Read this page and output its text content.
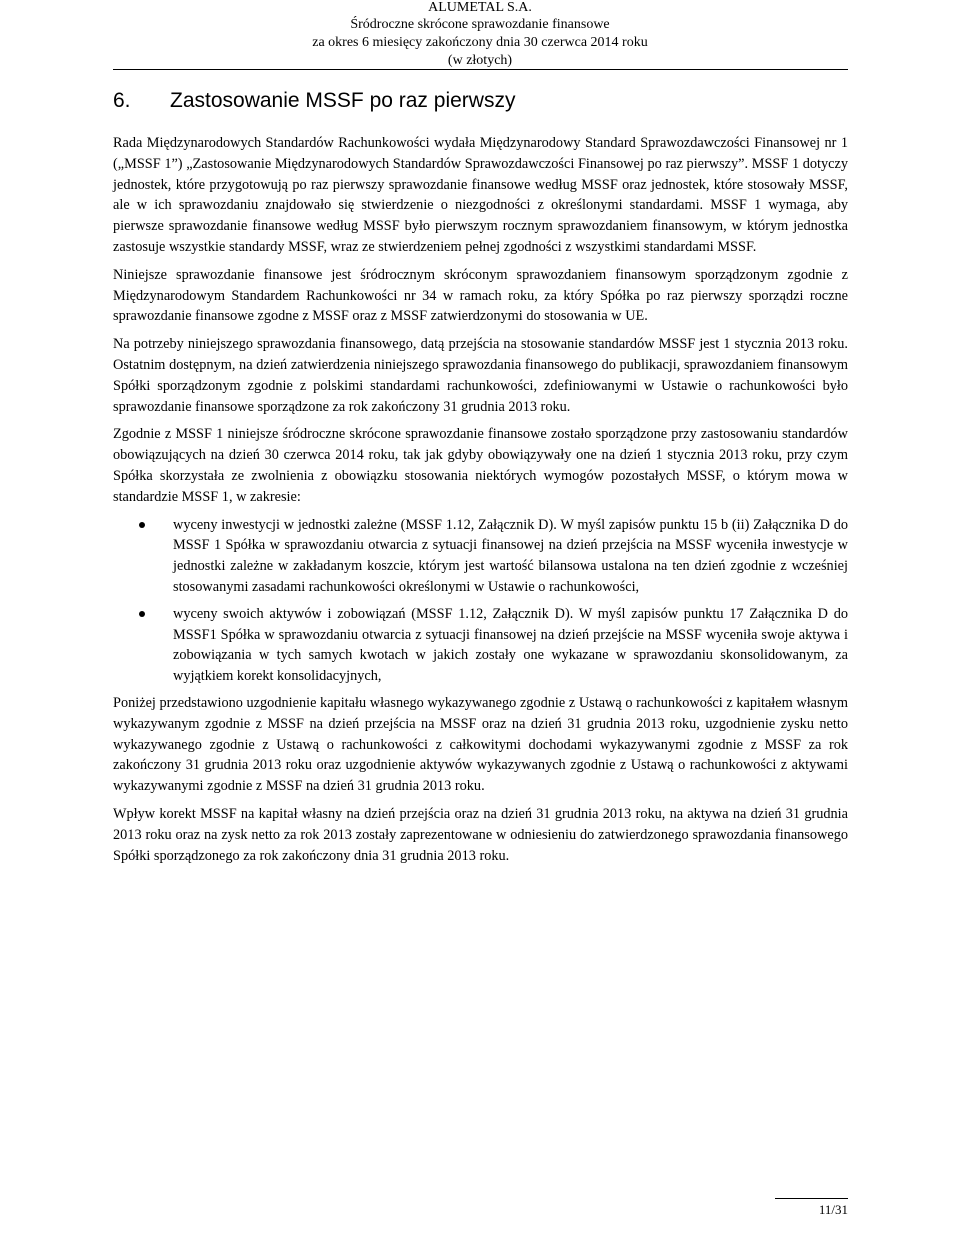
ALUMETAL S.A.
Śródroczne skrócone sprawozdanie finansowe
za okres 6 miesięcy zakończony dnia 30 czerwca 2014 roku
(w złotych)
6. Zastosowanie MSSF po raz pierwszy

Rada Międzynarodowych Standardów Rachunkowości wydała Międzynarodowy Standard Sprawozdawczości Finansowej nr 1 („MSSF 1”) „Zastosowanie Międzynarodowych Standardów Sprawozdawczości Finansowej po raz pierwszy”. MSSF 1 dotyczy jednostek, które przygotowują po raz pierwszy sprawozdanie finansowe według MSSF oraz jednostek, które stosowały MSSF, ale w ich sprawozdaniu znajdowało się stwierdzenie o niezgodności z określonymi standardami. MSSF 1 wymaga, aby pierwsze sprawozdanie finansowe według MSSF było pierwszym rocznym sprawozdaniem finansowym, w którym jednostka zastosuje wszystkie standardy MSSF, wraz ze stwierdzeniem pełnej zgodności z wszystkimi standardami MSSF.

Niniejsze sprawozdanie finansowe jest śródrocznym skróconym sprawozdaniem finansowym sporządzonym zgodnie z Międzynarodowym Standardem Rachunkowości nr 34 w ramach roku, za który Spółka po raz pierwszy sporządzi roczne sprawozdanie finansowe zgodne z MSSF oraz z MSSF zatwierdzonymi do stosowania w UE.

Na potrzeby niniejszego sprawozdania finansowego, datą przejścia na stosowanie standardów MSSF jest 1 stycznia 2013 roku. Ostatnim dostępnym, na dzień zatwierdzenia niniejszego sprawozdania finansowego do publikacji, sprawozdaniem finansowym Spółki sporządzonym zgodnie z polskimi standardami rachunkowości, zdefiniowanymi w Ustawie o rachunkowości było sprawozdanie finansowe sporządzone za rok zakończony 31 grudnia 2013 roku.

Zgodnie z MSSF 1 niniejsze śródroczne skrócone sprawozdanie finansowe zostało sporządzone przy zastosowaniu standardów obowiązujących na dzień 30 czerwca 2014 roku, tak jak gdyby obowiązywały one na dzień 1 stycznia 2013 roku, przy czym Spółka skorzystała ze zwolnienia z obowiązku stosowania niektórych wymogów pozostałych MSSF, o którym mowa w standardzie MSSF 1, w zakresie:

wyceny inwestycji w jednostki zależne (MSSF 1.12, Załącznik D). W myśl zapisów punktu 15 b (ii) Załącznika D do MSSF 1 Spółka w sprawozdaniu otwarcia z sytuacji finansowej na dzień przejścia na MSSF wyceniła inwestycje w jednostki zależne w zakładanym koszcie, którym jest wartość bilansowa ustalona na ten dzień zgodnie z wcześniej stosowanymi zasadami rachunkowości określonymi w Ustawie o rachunkowości,
wyceny swoich aktywów i zobowiązań (MSSF 1.12, Załącznik D). W myśl zapisów punktu 17 Załącznika D do MSSF1 Spółka w sprawozdaniu otwarcia z sytuacji finansowej na dzień przejście na MSSF wyceniła swoje aktywa i zobowiązania w tych samych kwotach w jakich zostały one wykazane w sprawozdaniu skonsolidowanym, za wyjątkiem korekt konsolidacyjnych,

Poniżej przedstawiono uzgodnienie kapitału własnego wykazywanego zgodnie z Ustawą o rachunkowości z kapitałem własnym wykazywanym zgodnie z MSSF na dzień przejścia na MSSF oraz na dzień 31 grudnia 2013 roku, uzgodnienie zysku netto wykazywanego zgodnie z Ustawą o rachunkowości z całkowitymi dochodami wykazywanymi zgodnie z MSSF za rok zakończony 31 grudnia 2013 roku oraz uzgodnienie aktywów wykazywanych zgodnie z Ustawą o rachunkowości z aktywami wykazywanymi zgodnie z MSSF na dzień 31 grudnia 2013 roku.

Wpływ korekt MSSF na kapitał własny na dzień przejścia oraz na dzień 31 grudnia 2013 roku, na aktywa na dzień 31 grudnia 2013 roku oraz na zysk netto za rok 2013 zostały zaprezentowane w odniesieniu do zatwierdzonego sprawozdania finansowego Spółki sporządzonego za rok zakończony dnia 31 grudnia 2013 roku.

11/31
